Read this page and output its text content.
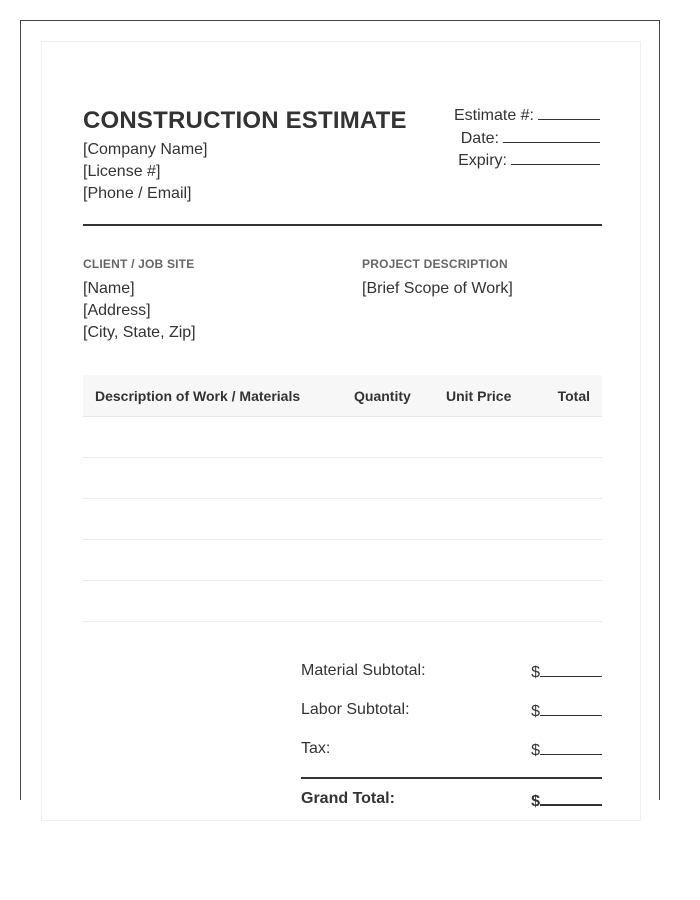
CONSTRUCTION ESTIMATE
[Company Name]
[License #]
[Phone / Email]
Estimate #:
Date:
Expiry:
CLIENT / JOB SITE
[Name]
[Address]
[City, State, Zip]
PROJECT DESCRIPTION
[Brief Scope of Work]
Description of Work / Materials	Quantity	Unit Price	Total
Material Subtotal:	$
Labor Subtotal:	$
Tax:	$
Grand Total:	$
